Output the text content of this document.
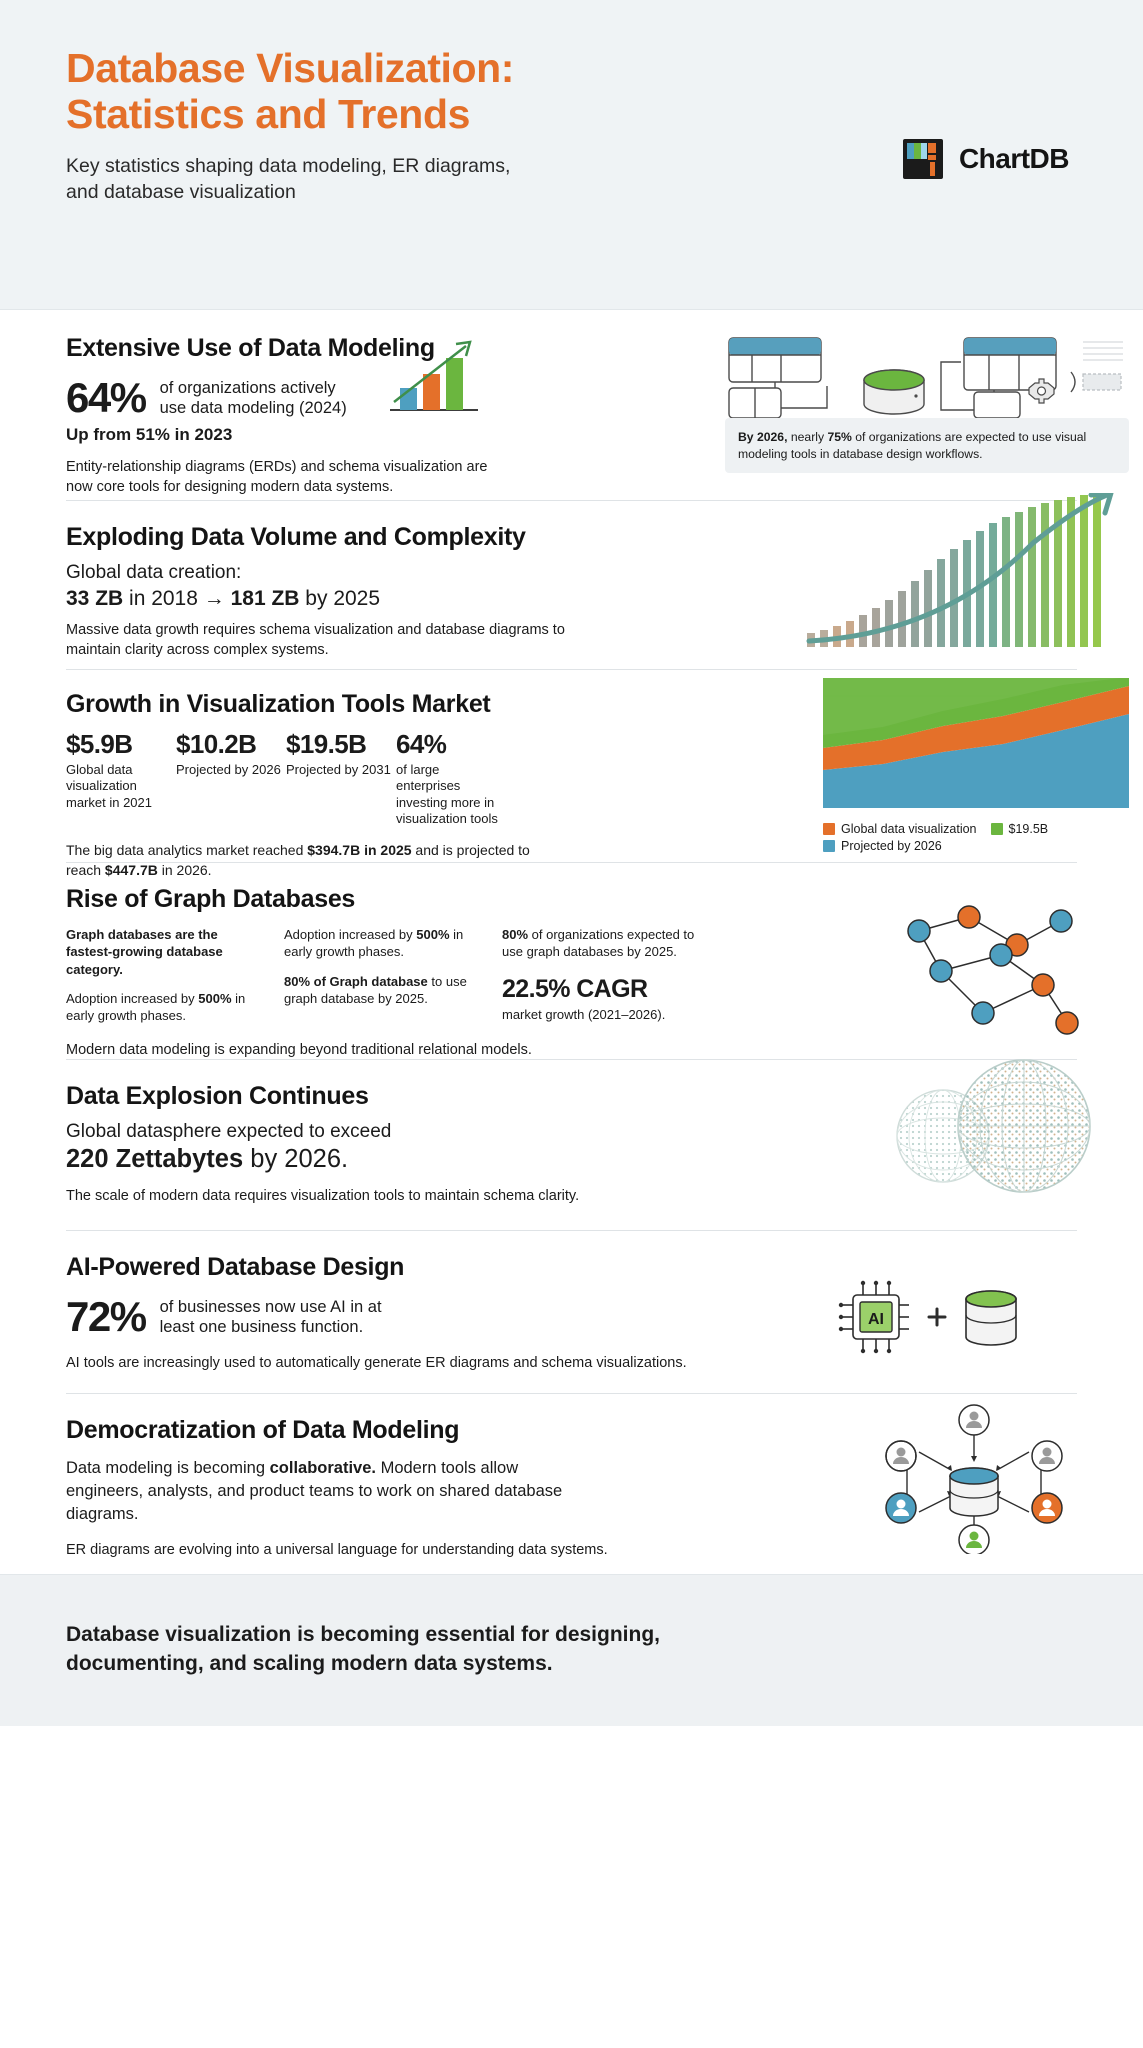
Database Visualization:
Statistics and Trends
Key statistics shaping data modeling, ER diagrams,
and database visualization
ChartDB
Extensive Use of Data Modeling
64% of organizations actively
use data modeling (2024)
Up from 51% in 2023
Entity-relationship diagrams (ERDs) and schema visualization are now core tools for designing modern data systems.
By 2026, nearly 75% of organizations are expected to use visual modeling tools in database design workflows.
Exploding Data Volume and Complexity
Global data creation:
33 ZB in 2018 → 181 ZB by 2025
Massive data growth requires schema visualization and database diagrams to maintain clarity across complex systems.
Growth in Visualization Tools Market
$5.9B
Global data visualization market in 2021
$10.2B
Projected by 2026
$19.5B
Projected by 2031
64%
of large enterprises investing more in visualization tools
The big data analytics market reached $394.7B in 2025 and is projected to reach $447.7B in 2026.
Global data visualization	$19.5B
Projected by 2026
Rise of Graph Databases

Graph databases are the fastest-growing database category.

Adoption increased by 500% in early growth phases.

Adoption increased by 500% in early growth phases.

80% of Graph database to use graph database by 2025.

80% of organizations expected to use graph databases by 2025.

22.5% CAGR
market growth (2021–2026).
Modern data modeling is expanding beyond traditional relational models.
Data Explosion Continues
Global datasphere expected to exceed
220 Zettabytes by 2026.
The scale of modern data requires visualization tools to maintain schema clarity.
AI-Powered Database Design
72% of businesses now use AI in at
least one business function.
AI tools are increasingly used to automatically generate ER diagrams and schema visualizations.
AI
Democratization of Data Modeling
Data modeling is becoming collaborative. Modern tools allow engineers, analysts, and product teams to work on shared database diagrams.
ER diagrams are evolving into a universal language for understanding data systems.
Database visualization is becoming essential for designing,
documenting, and scaling modern data systems.
